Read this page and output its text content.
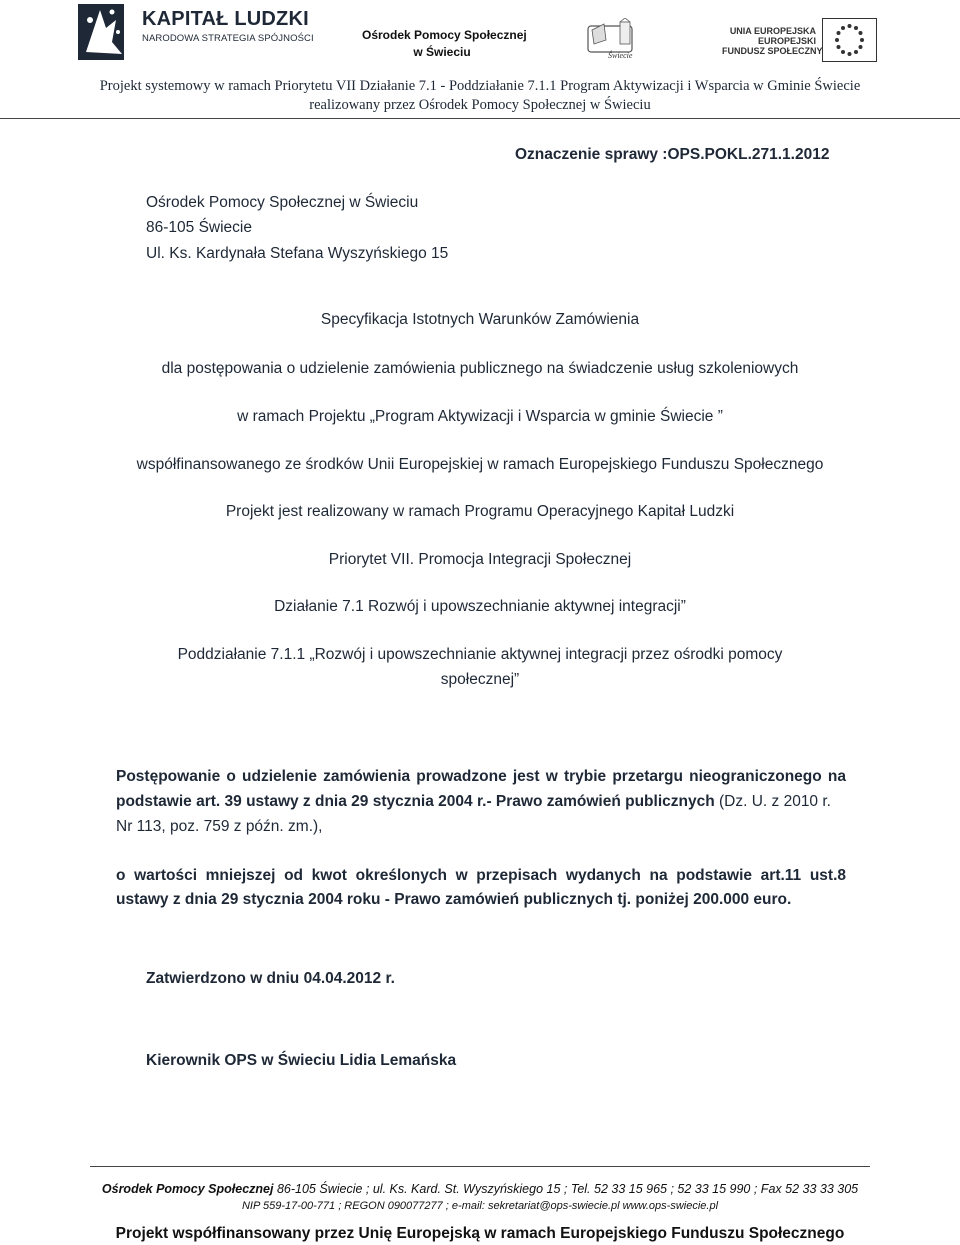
KAPITAŁ LUDZKI
NARODOWA STRATEGIA SPÓJNOŚCI	Ośrodek Pomocy Społecznej
w Świeciu	Świecie
UNIA EUROPEJSKA
EUROPEJSKI
FUNDUSZ SPOŁECZNY
Projekt systemowy w ramach Priorytetu VII Działanie 7.1 - Poddziałanie 7.1.1 Program Aktywizacji i Wsparcia w Gminie Świecie
realizowany przez Ośrodek Pomocy Społecznej w Świeciu
Oznaczenie sprawy :OPS.POKL.271.1.2012
Ośrodek Pomocy Społecznej w Świeciu
86-105 Świecie
Ul. Ks. Kardynała Stefana Wyszyńskiego 15
Specyfikacja Istotnych Warunków Zamówienia
dla postępowania o udzielenie zamówienia publicznego na świadczenie usług szkoleniowych
w ramach Projektu „Program Aktywizacji i Wsparcia w gminie Świecie ”
współfinansowanego ze środków Unii Europejskiej w ramach Europejskiego Funduszu Społecznego
Projekt jest realizowany w ramach Programu Operacyjnego Kapitał Ludzki
Priorytet VII. Promocja Integracji Społecznej
Działanie 7.1 Rozwój i upowszechnianie aktywnej integracji”
Poddziałanie 7.1.1 „Rozwój i upowszechnianie aktywnej integracji przez ośrodki pomocy
społecznej”
Postępowanie o udzielenie zamówienia prowadzone jest w trybie przetargu nieograniczonego na
podstawie art. 39 ustawy z dnia 29 stycznia 2004 r.- Prawo zamówień publicznych (Dz. U. z 2010 r.
Nr 113, poz. 759 z późn. zm.),
o wartości mniejszej od kwot określonych w przepisach wydanych na podstawie art.11 ust.8
ustawy z dnia 29 stycznia 2004 roku - Prawo zamówień publicznych tj. poniżej 200.000 euro.
Zatwierdzono w dniu 04.04.2012 r.
Kierownik OPS w Świeciu Lidia Lemańska
Ośrodek Pomocy Społecznej 86-105 Świecie ; ul. Ks. Kard. St. Wyszyńskiego 15 ; Tel. 52 33 15 965 ; 52 33 15 990 ; Fax 52 33 33 305
NIP 559-17-00-771 ; REGON 090077277 ; e-mail: sekretariat@ops-swiecie.pl www.ops-swiecie.pl
Projekt współfinansowany przez Unię Europejską w ramach Europejskiego Funduszu Społecznego
